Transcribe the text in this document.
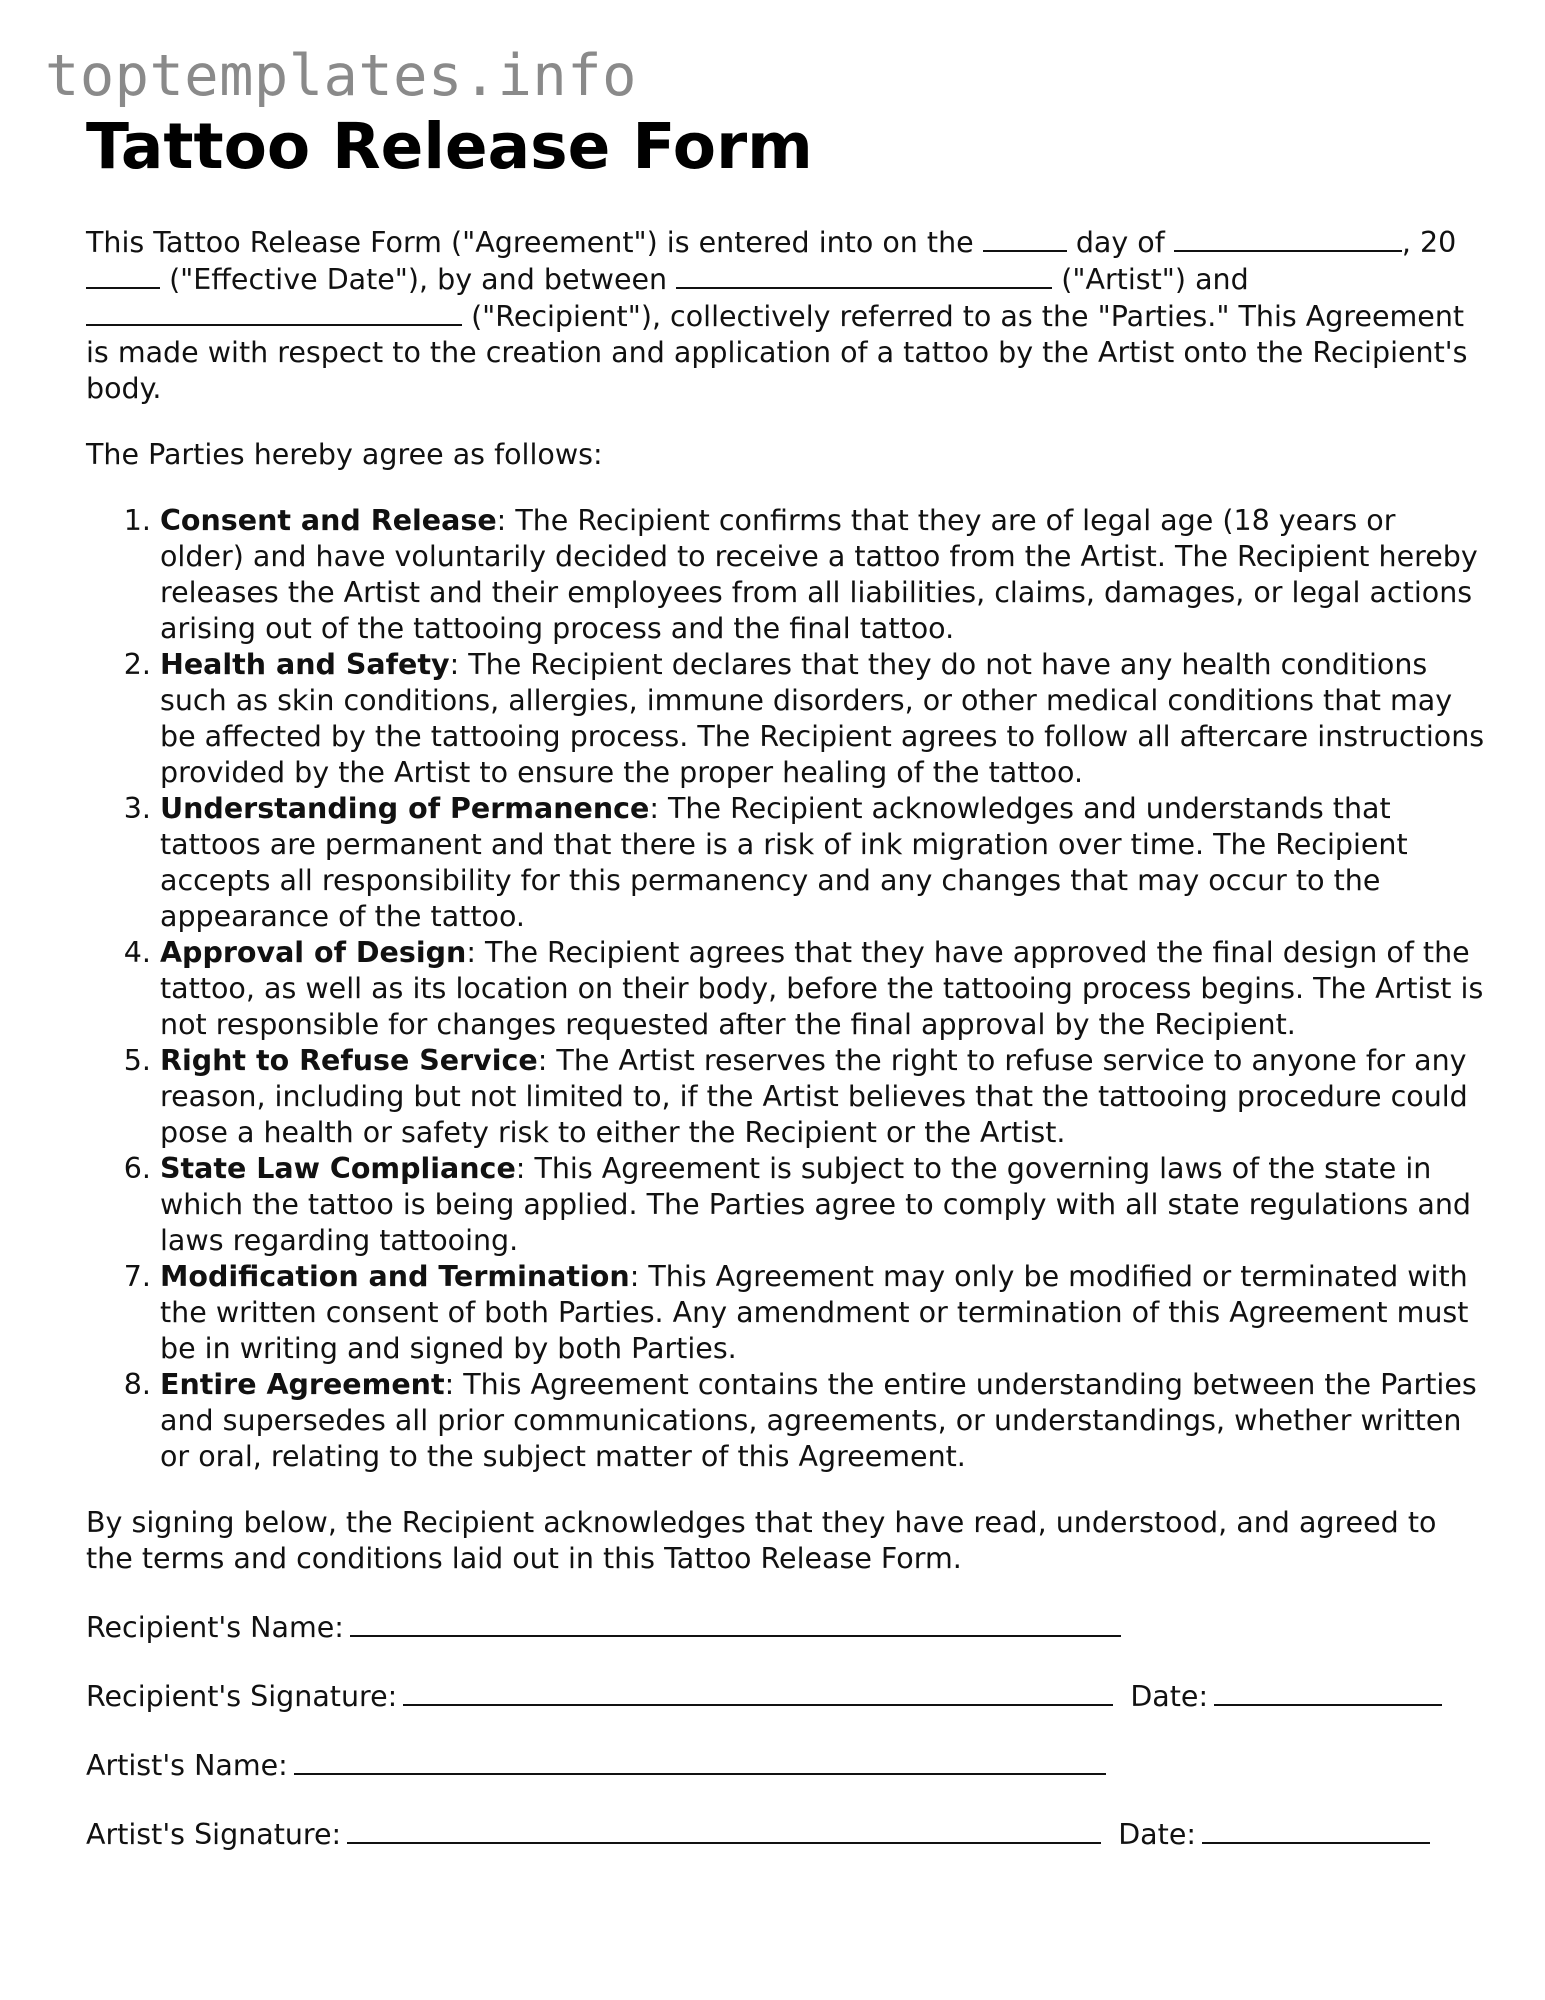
toptemplates.info
Tattoo Release Form

This Tattoo Release Form ("Agreement") is entered into on the	day of	, 20 ("Effective Date"), by and between	("Artist") and  ("Recipient"), collectively referred to as the "Parties." This Agreement is made with respect to the creation and application of a tattoo by the Artist onto the Recipient's body.

The Parties hereby agree as follows:

1. Consent and Release: The Recipient confirms that they are of legal age (18 years or older) and have voluntarily decided to receive a tattoo from the Artist. The Recipient hereby releases the Artist and their employees from all liabilities, claims, damages, or legal actions arising out of the tattooing process and the final tattoo.
2. Health and Safety: The Recipient declares that they do not have any health conditions such as skin conditions, allergies, immune disorders, or other medical conditions that may be affected by the tattooing process. The Recipient agrees to follow all aftercare instructions provided by the Artist to ensure the proper healing of the tattoo.
3. Understanding of Permanence: The Recipient acknowledges and understands that tattoos are permanent and that there is a risk of ink migration over time. The Recipient accepts all responsibility for this permanency and any changes that may occur to the appearance of the tattoo.
4. Approval of Design: The Recipient agrees that they have approved the final design of the tattoo, as well as its location on their body, before the tattooing process begins. The Artist is not responsible for changes requested after the final approval by the Recipient.
5. Right to Refuse Service: The Artist reserves the right to refuse service to anyone for any reason, including but not limited to, if the Artist believes that the tattooing procedure could pose a health or safety risk to either the Recipient or the Artist.
6. State Law Compliance: This Agreement is subject to the governing laws of the state in which the tattoo is being applied. The Parties agree to comply with all state regulations and laws regarding tattooing.
7. Modification and Termination: This Agreement may only be modified or terminated with the written consent of both Parties. Any amendment or termination of this Agreement must be in writing and signed by both Parties.
8. Entire Agreement: This Agreement contains the entire understanding between the Parties and supersedes all prior communications, agreements, or understandings, whether written or oral, relating to the subject matter of this Agreement.

By signing below, the Recipient acknowledges that they have read, understood, and agreed to the terms and conditions laid out in this Tattoo Release Form.

Recipient's Name:
Recipient's Signature:	Date:
Artist's Name:
Artist's Signature:	Date:
